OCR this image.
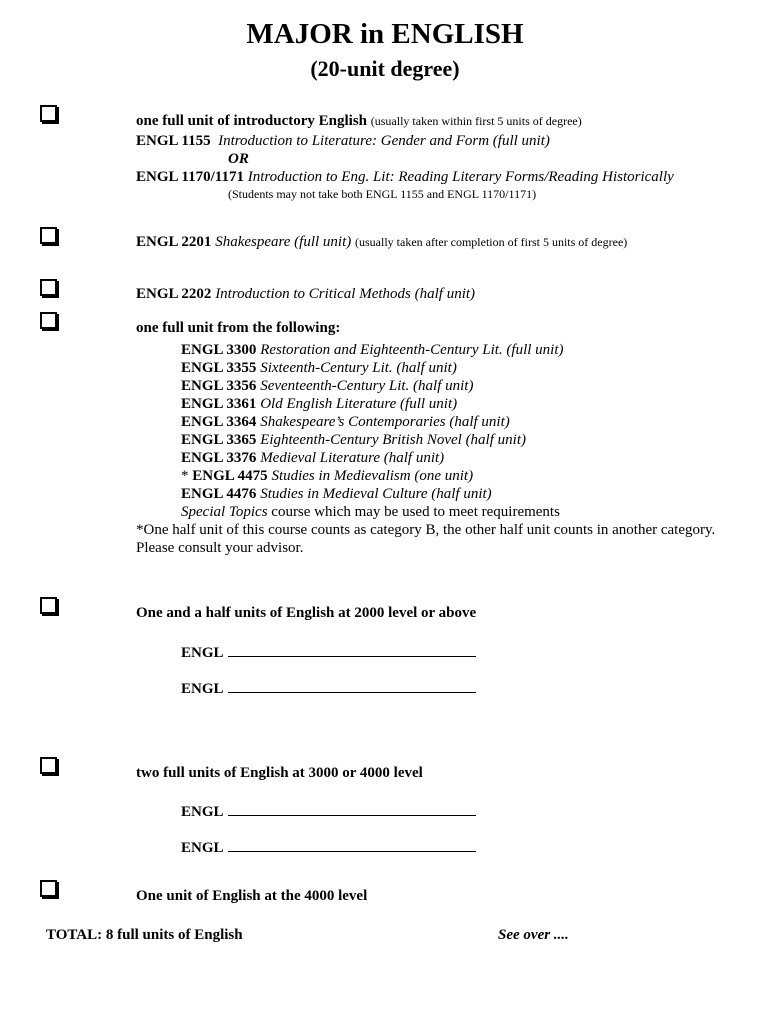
MAJOR in ENGLISH
(20-unit degree)
one full unit of introductory English (usually taken within first 5 units of degree)
ENGL 1155 Introduction to Literature: Gender and Form (full unit)
OR
ENGL 1170/1171 Introduction to Eng. Lit: Reading Literary Forms/Reading Historically
(Students may not take both ENGL 1155 and ENGL 1170/1171)
ENGL 2201 Shakespeare (full unit) (usually taken after completion of first 5 units of degree)
ENGL 2202 Introduction to Critical Methods (half unit)
one full unit from the following:
ENGL 3300 Restoration and Eighteenth-Century Lit. (full unit)
ENGL 3355 Sixteenth-Century Lit. (half unit)
ENGL 3356 Seventeenth-Century Lit. (half unit)
ENGL 3361 Old English Literature (full unit)
ENGL 3364 Shakespeare’s Contemporaries (half unit)
ENGL 3365 Eighteenth-Century British Novel (half unit)
ENGL 3376 Medieval Literature (half unit)
* ENGL 4475 Studies in Medievalism (one unit)
ENGL 4476 Studies in Medieval Culture (half unit)
Special Topics course which may be used to meet requirements
*One half unit of this course counts as category B, the other half unit counts in another category.
Please consult your advisor.
One and a half units of English at 2000 level or above
ENGL
ENGL
two full units of English at 3000 or 4000 level
ENGL
ENGL
One unit of English at the 4000 level
TOTAL: 8 full units of English	See over ....
